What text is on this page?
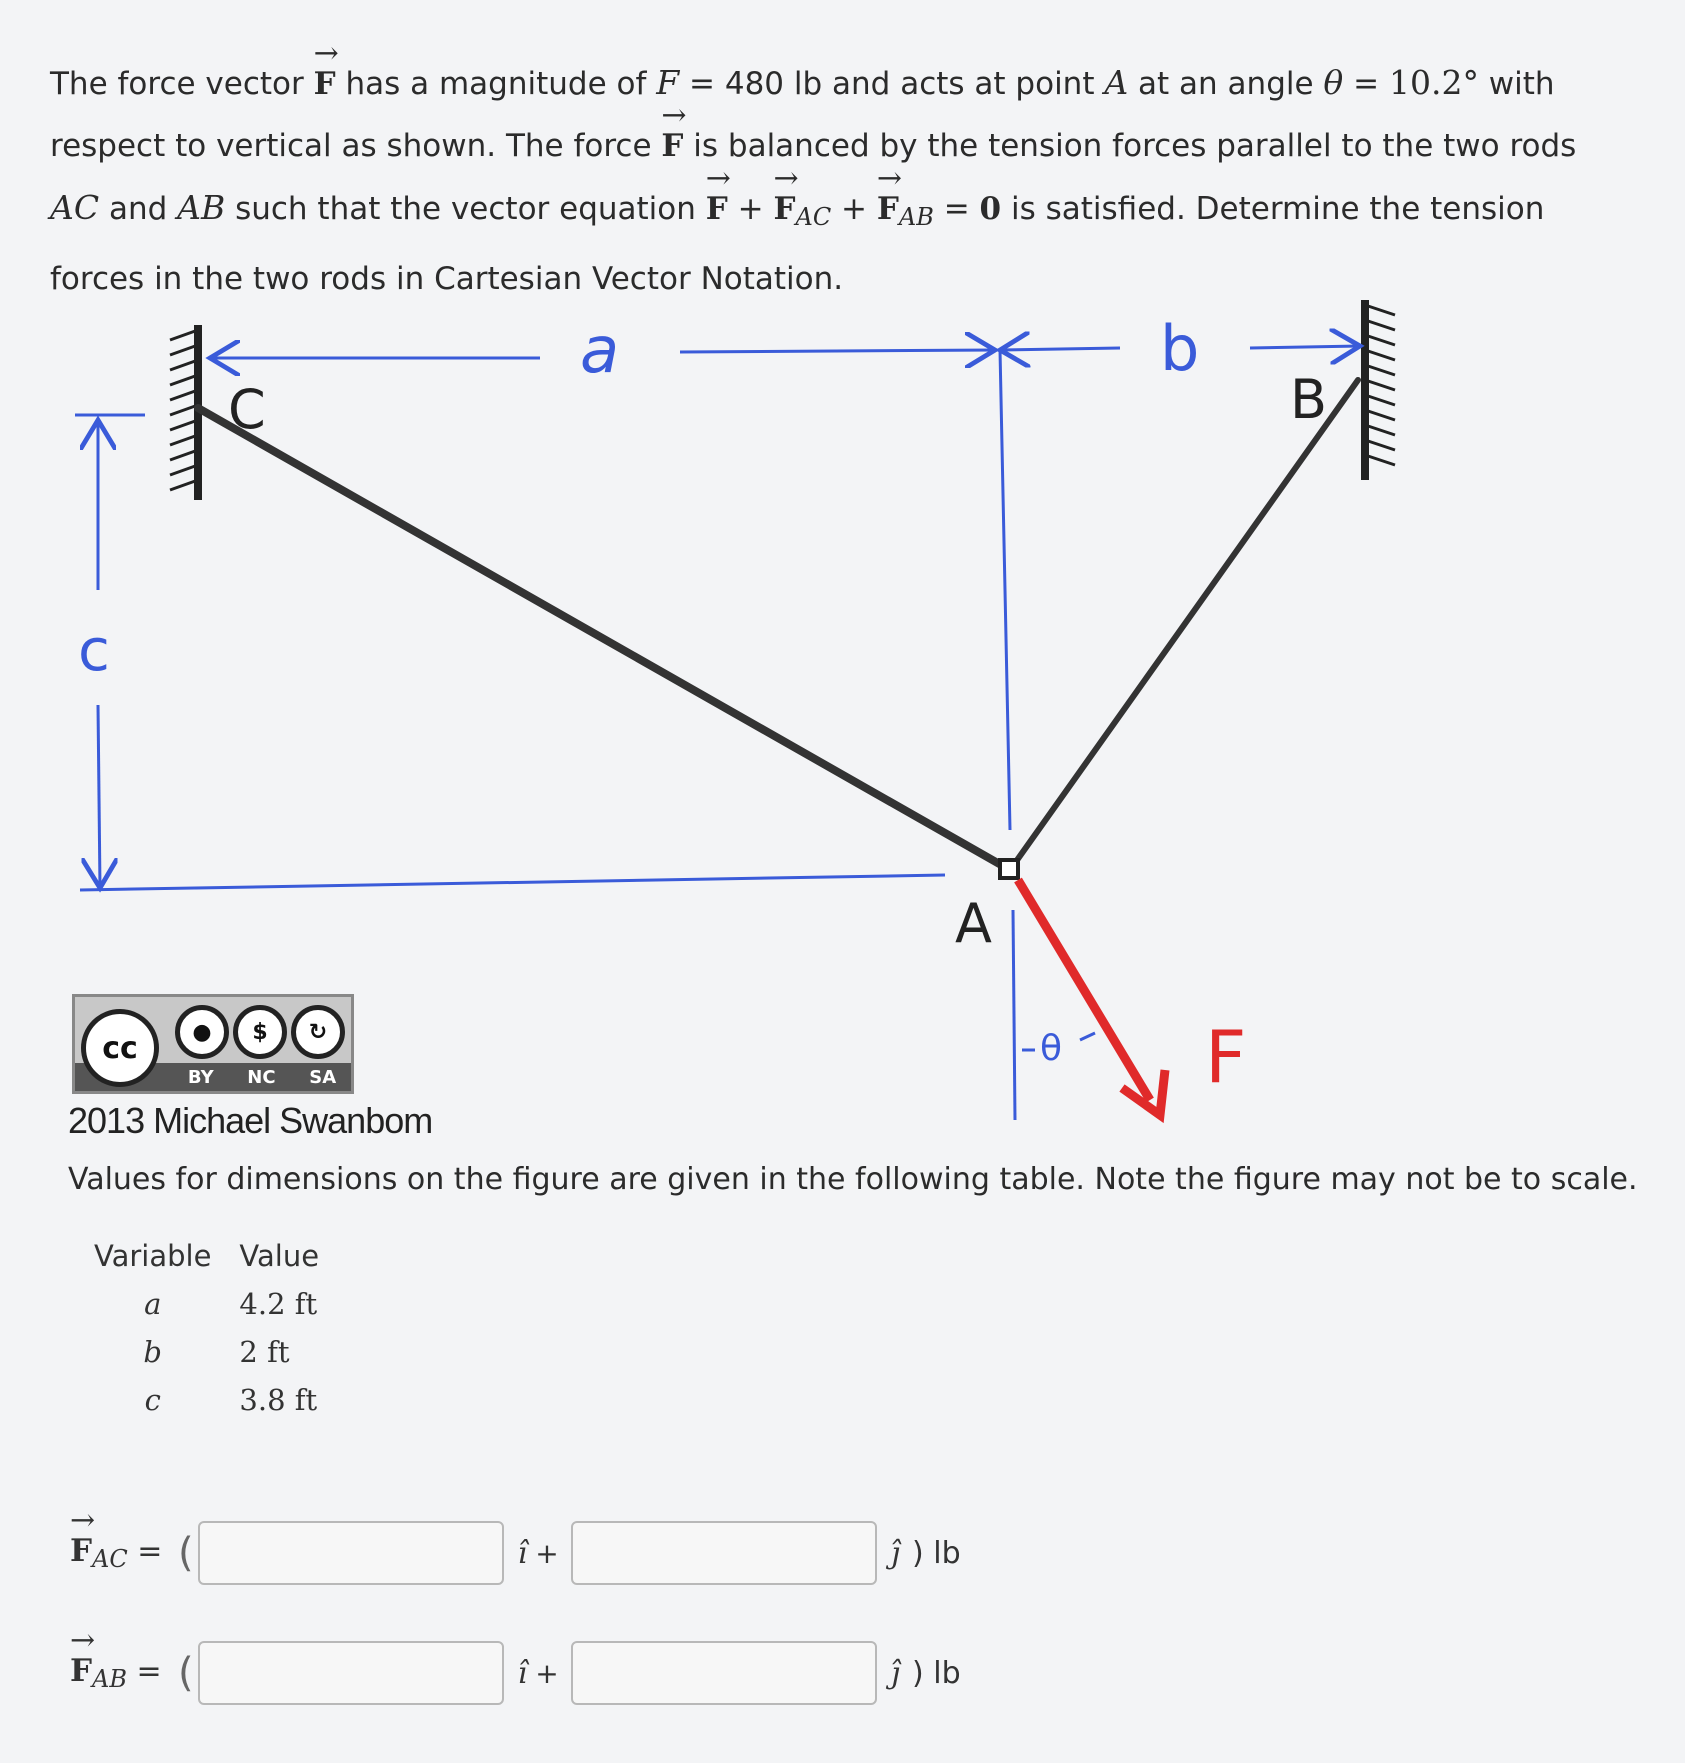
The force vector → F has a magnitude of F = 480 lb and acts at point A at an angle θ = 10.2° with respect to vertical as shown. The force → F is balanced by the tension forces parallel to the two rods AC and AB such that the vector equation → F + → $F_{AC}$ + → $F_{AB} = 0$ is satisfied. Determine the tension forces in the two rods in Cartesian Vector Notation.
a	b
c
C	B
A
F
θ
cc	●	$	↻
BY NC SA
2013 Michael Swanbom
Values for dimensions on the figure are given in the following table. Note the figure may not be to scale.
Variable	Value
a	4.2 ft
b	2 ft
c	3.8 ft
→ $F_{AC}$ = (	î +	ĵ ) lb
→ $F_{AB}$ = (	î +	ĵ ) lb
